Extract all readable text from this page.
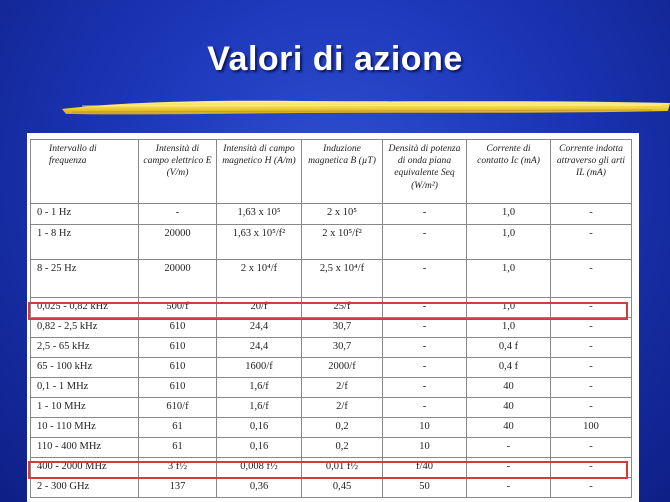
Valori di azione
Intervallo di frequenza	Intensità di campo elettrico E (V/m)	Intensità di campo magnetico H (A/m)	Induzione magnetica B (µT)	Densità di potenza di onda piana equivalente Seq (W/m²)	Corrente di contatto Ic (mA)	Corrente indotta attraverso gli arti IL (mA)
0 - 1 Hz	-	1,63 x 10⁵	2 x 10⁵	-	1,0	-
1 - 8 Hz	20000	1,63 x 10⁵/f²	2 x 10⁵/f²	-	1,0	-
8 - 25 Hz	20000	2 x 10⁴/f	2,5 x 10⁴/f	-	1,0	-
0,025 - 0,82 kHz	500/f	20/f	25/f	-	1,0	-
0,82 - 2,5 kHz	610	24,4	30,7	-	1,0	-
2,5 - 65 kHz	610	24,4	30,7	-	0,4 f	-
65 - 100 kHz	610	1600/f	2000/f	-	0,4 f	-
0,1 - 1 MHz	610	1,6/f	2/f	-	40	-
1 - 10 MHz	610/f	1,6/f	2/f	-	40	-
10 - 110 MHz	61	0,16	0,2	10	40	100
110 - 400 MHz	61	0,16	0,2	10	-	-
400 - 2000 MHz	3 f½	0,008 f½	0,01 f½	f/40	-	-
2 - 300 GHz	137	0,36	0,45	50	-	-
